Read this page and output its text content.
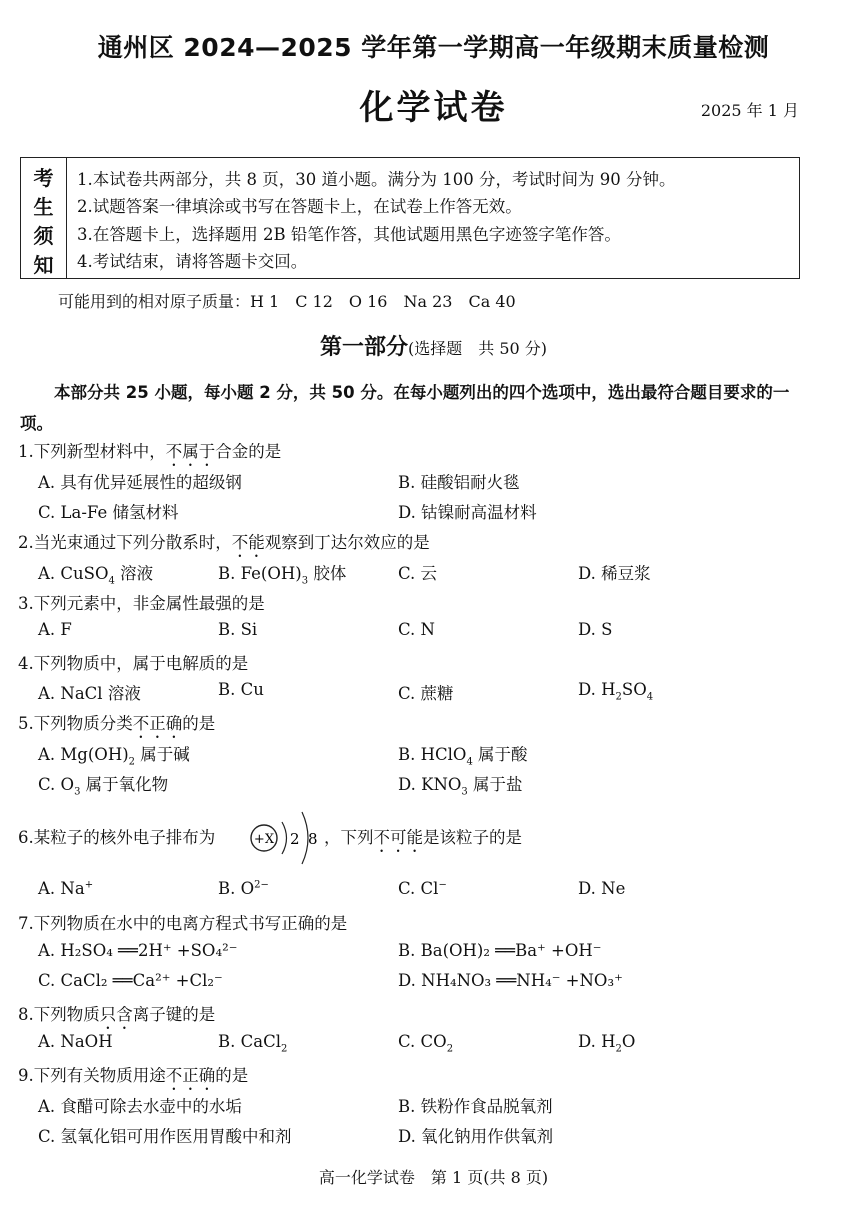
通州区 2024—2025 学年第一学期高一年级期末质量检测
化学试卷	2025 年 1 月
考
生
须
知
1.本试卷共两部分，共 8 页，30 道小题。满分为 100 分，考试时间为 90 分钟。
2.试题答案一律填涂或书写在答题卡上，在试卷上作答无效。
3.在答题卡上，选择题用 2B 铅笔作答，其他试题用黑色字迹签字笔作答。
4.考试结束，请将答题卡交回。
可能用到的相对原子质量：H 1　C 12　O 16　Na 23　Ca 40
第一部分(选择题　共 50 分)
本部分共 25 小题，每小题 2 分，共 50 分。在每小题列出的四个选项中，选出最符合题目要求的一项。
1.下列新型材料中，不属于合金的是
A. 具有优异延展性的超级钢	B. 硅酸铝耐火毯
C. La-Fe 储氢材料	D. 钴镍耐高温材料
2.当光束通过下列分散系时，不能观察到丁达尔效应的是
A. CuSO$_4$ 溶液	B. $Fe(OH)_3$ 胶体	C. 云	D. 稀豆浆
3.下列元素中，非金属性最强的是
A. F	B. Si	C. N	D. S
4.下列物质中，属于电解质的是
A. NaCl 溶液	B. Cu	C. 蔗糖	D. $H_2SO_4$
5.下列物质分类不正确的是
A. $Mg(OH)_2$ 属于碱	B. HClO$_4$ 属于酸
C. $O_3$ 属于氧化物	D. $KNO_3$ 属于盐
6.某粒子的核外电子排布为	+X 2 8 ，下列不可能是该粒子的是
A. Na+	B. $O^{2-}$	C. Cl−	D. Ne
7.下列物质在水中的电离方程式书写正确的是
A. H₂SO₄ ══2H⁺ +SO₄²⁻	B. Ba(OH)₂ ══Ba⁺ +OH⁻
C. CaCl₂ ══Ca²⁺ +Cl₂⁻	D. NH₄NO₃ ══NH₄⁻ +NO₃⁺
8.下列物质只含离子键的是
A. NaOH	B. CaCl$_2$	C. $CO_2$	D. $H_2O$
9.下列有关物质用途不正确的是
A. 食醋可除去水壶中的水垢	B. 铁粉作食品脱氧剂
C. 氢氧化铝可用作医用胃酸中和剂	D. 氧化钠用作供氧剂
高一化学试卷　第 1 页(共 8 页)
